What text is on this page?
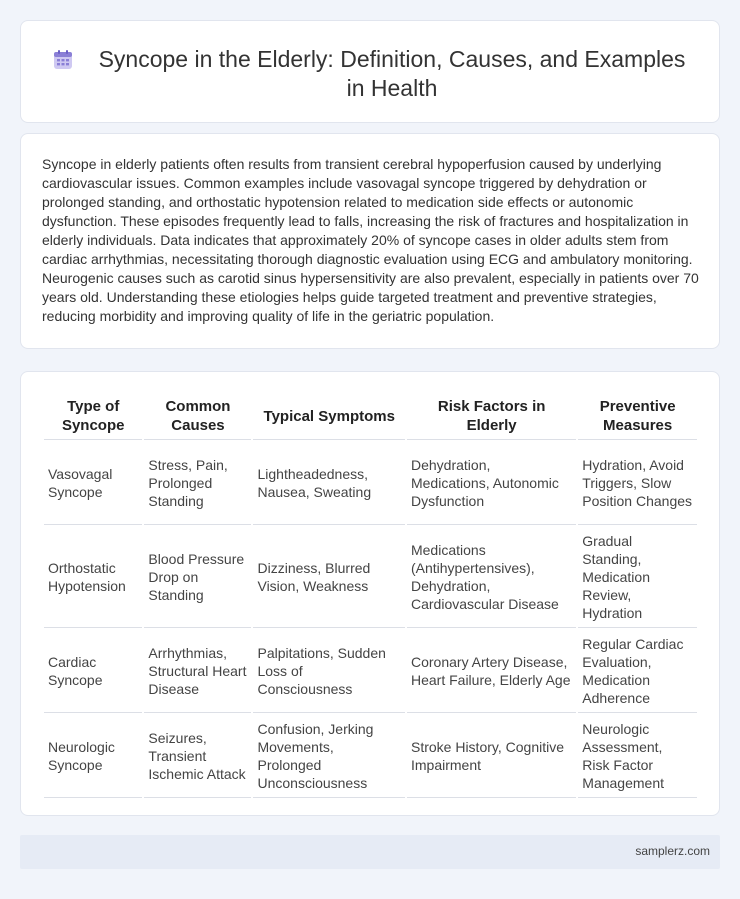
Syncope in the Elderly: Definition, Causes, and Examples in Health

Syncope in elderly patients often results from transient cerebral hypoperfusion caused by underlying cardiovascular issues. Common examples include vasovagal syncope triggered by dehydration or prolonged standing, and orthostatic hypotension related to medication side effects or autonomic dysfunction. These episodes frequently lead to falls, increasing the risk of fractures and hospitalization in elderly individuals. Data indicates that approximately 20% of syncope cases in older adults stem from cardiac arrhythmias, necessitating thorough diagnostic evaluation using ECG and ambulatory monitoring. Neurogenic causes such as carotid sinus hypersensitivity are also prevalent, especially in patients over 70 years old. Understanding these etiologies helps guide targeted treatment and preventive strategies, reducing morbidity and improving quality of life in the geriatric population.

Type of Syncope	Common Causes	Typical Symptoms	Risk Factors in Elderly	Preventive Measures
Vasovagal Syncope	Stress, Pain, Prolonged Standing	Lightheadedness, Nausea, Sweating	Dehydration, Medications, Autonomic Dysfunction	Hydration, Avoid Triggers, Slow Position Changes
Orthostatic Hypotension	Blood Pressure Drop on Standing	Dizziness, Blurred Vision, Weakness	Medications (Antihypertensives), Dehydration, Cardiovascular Disease	Gradual Standing, Medication Review, Hydration
Cardiac Syncope	Arrhythmias, Structural Heart Disease	Palpitations, Sudden Loss of Consciousness	Coronary Artery Disease, Heart Failure, Elderly Age	Regular Cardiac Evaluation, Medication Adherence
Neurologic Syncope	Seizures, Transient Ischemic Attack	Confusion, Jerking Movements, Prolonged Unconsciousness	Stroke History, Cognitive Impairment	Neurologic Assessment, Risk Factor Management
samplerz.com
